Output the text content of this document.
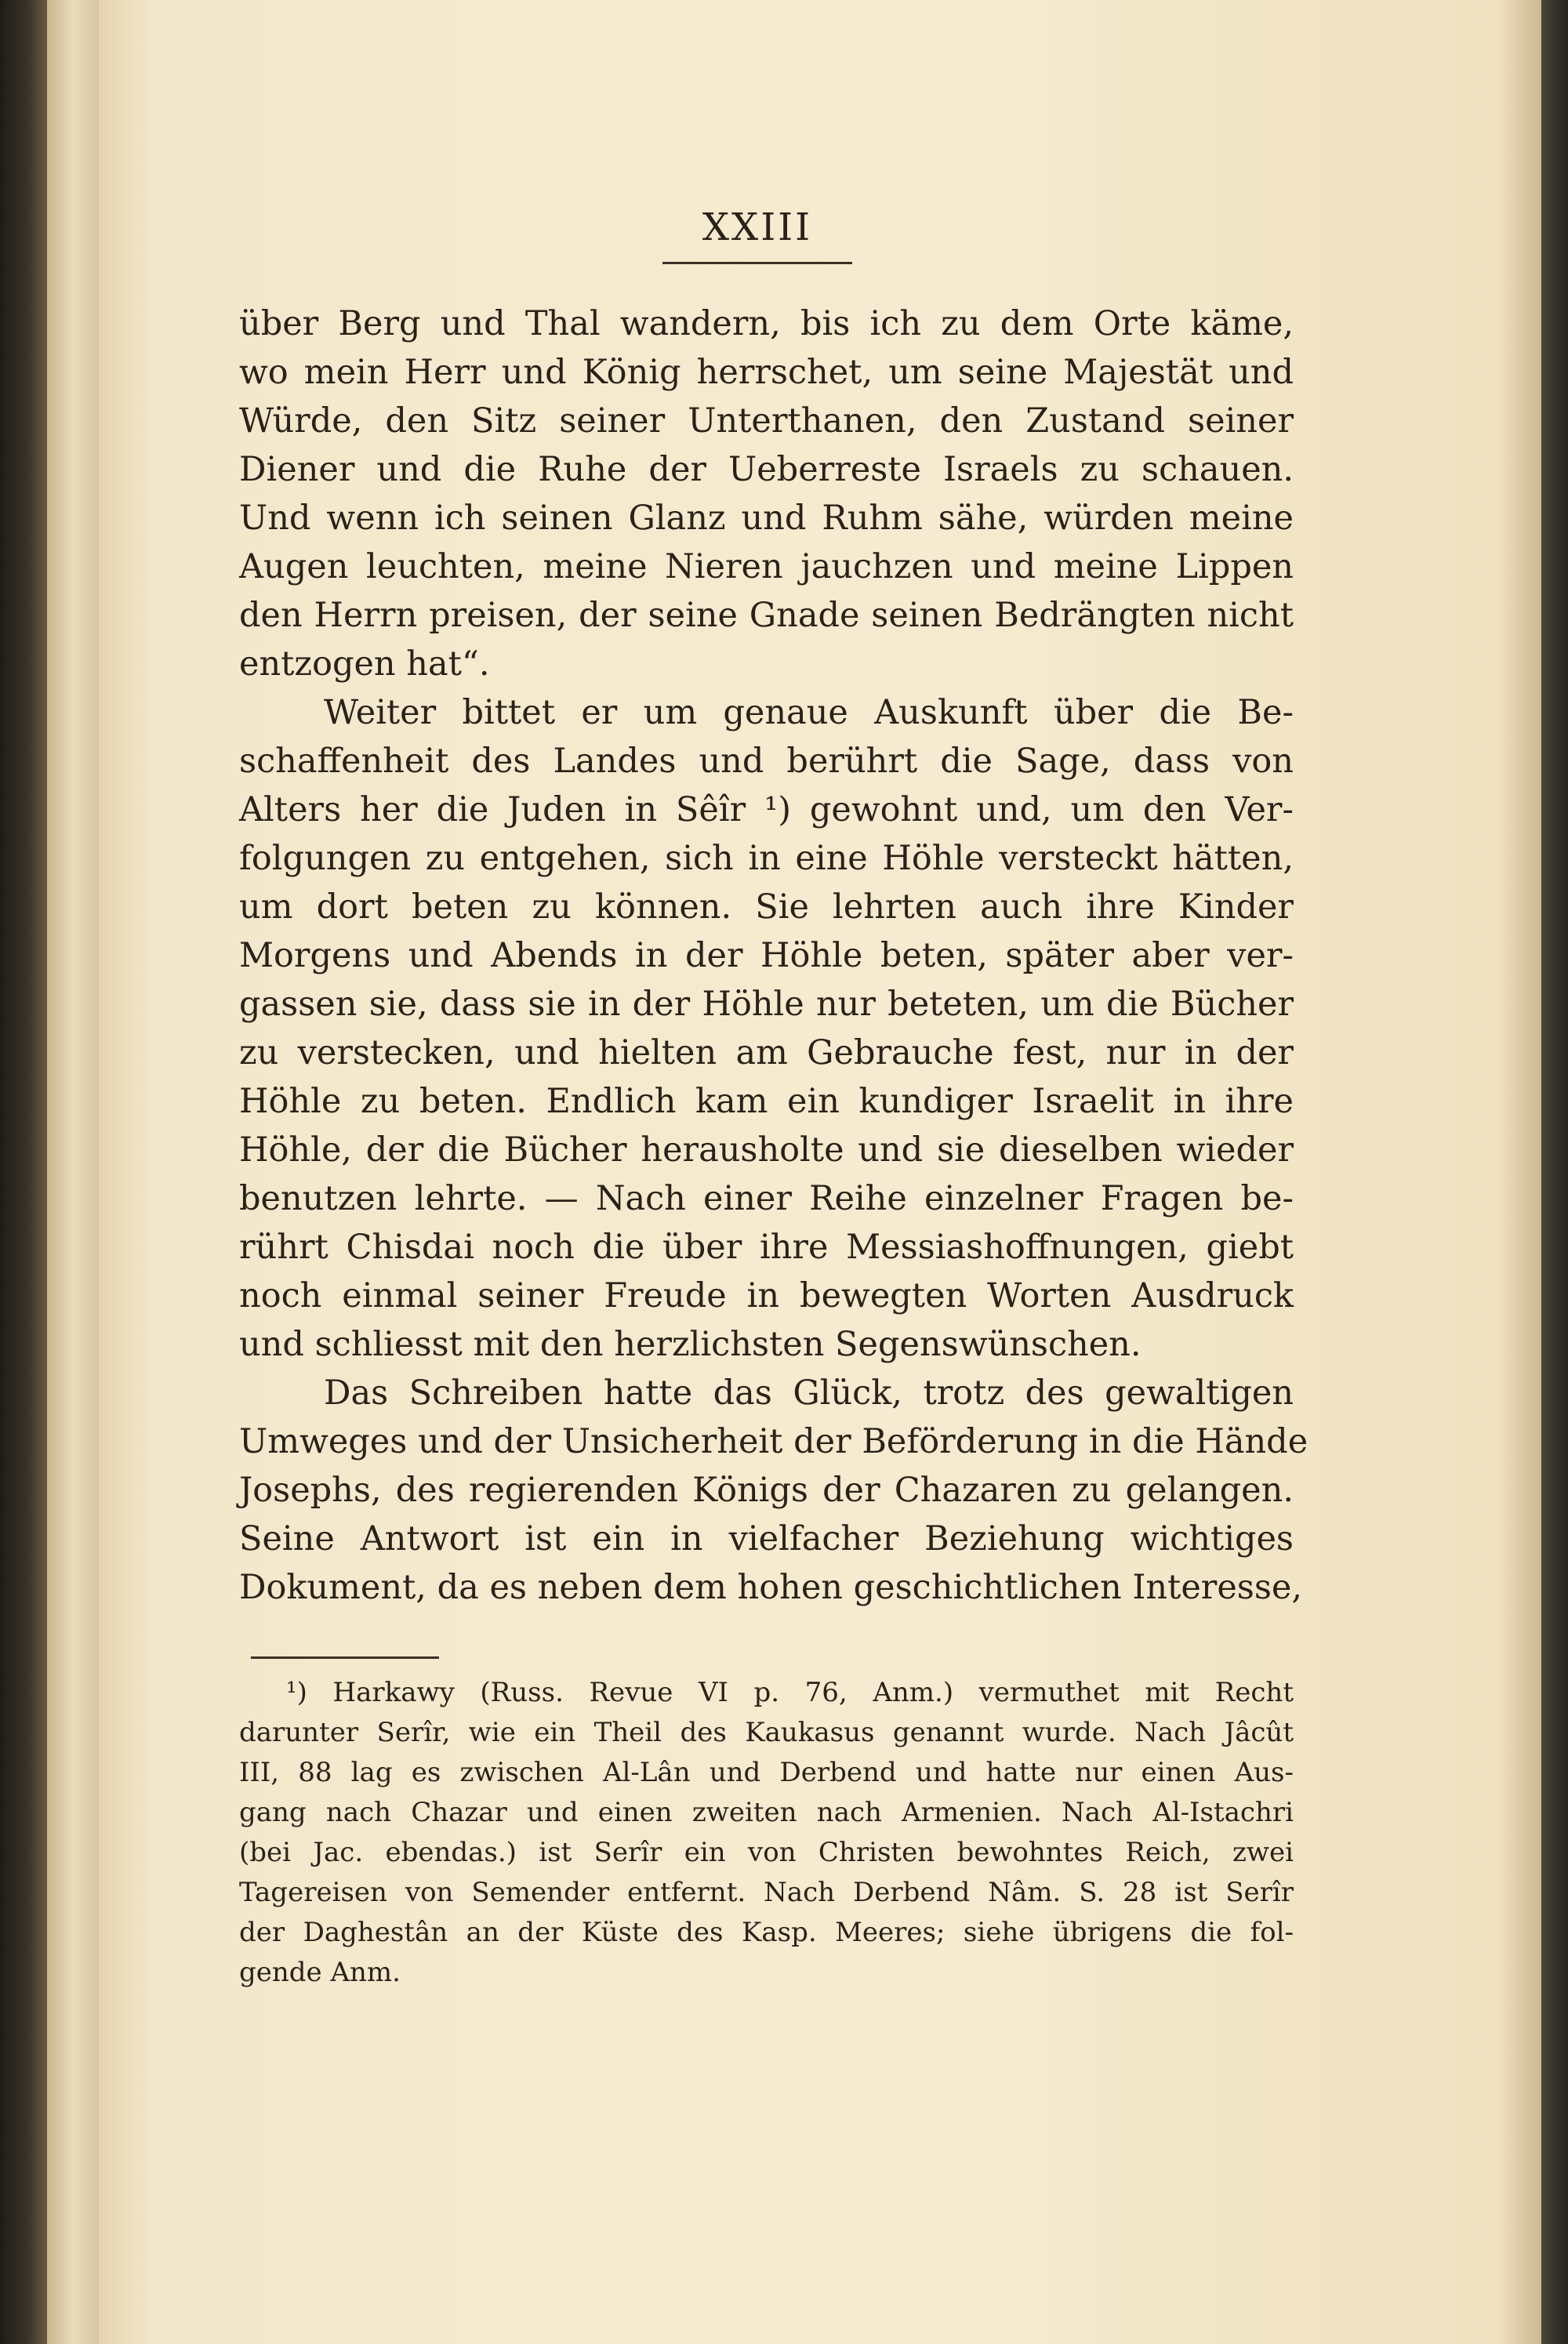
XXIII
über Berg und Thal wandern, bis ich zu dem Orte käme,
wo mein Herr und König herrschet, um seine Majestät und
Würde, den Sitz seiner Unterthanen, den Zustand seiner
Diener und die Ruhe der Ueberreste Israels zu schauen.
Und wenn ich seinen Glanz und Ruhm sähe, würden meine
Augen leuchten, meine Nieren jauchzen und meine Lippen
den Herrn preisen, der seine Gnade seinen Bedrängten nicht
entzogen hat“.
Weiter bittet er um genaue Auskunft über die Be-
schaffenheit des Landes und berührt die Sage, dass von
Alters her die Juden in Sêîr ¹) gewohnt und, um den Ver-
folgungen zu entgehen, sich in eine Höhle versteckt hätten,
um dort beten zu können. Sie lehrten auch ihre Kinder
Morgens und Abends in der Höhle beten, später aber ver-
gassen sie, dass sie in der Höhle nur beteten, um die Bücher
zu verstecken, und hielten am Gebrauche fest, nur in der
Höhle zu beten. Endlich kam ein kundiger Israelit in ihre
Höhle, der die Bücher herausholte und sie dieselben wieder
benutzen lehrte. — Nach einer Reihe einzelner Fragen be-
rührt Chisdai noch die über ihre Messiashoffnungen, giebt
noch einmal seiner Freude in bewegten Worten Ausdruck
und schliesst mit den herzlichsten Segenswünschen.
Das Schreiben hatte das Glück, trotz des gewaltigen
Umweges und der Unsicherheit der Beförderung in die Hände
Josephs, des regierenden Königs der Chazaren zu gelangen.
Seine Antwort ist ein in vielfacher Beziehung wichtiges
Dokument, da es neben dem hohen geschichtlichen Interesse,
¹) Harkawy (Russ. Revue VI p. 76, Anm.) vermuthet mit Recht
darunter Serîr, wie ein Theil des Kaukasus genannt wurde. Nach Jâcût
III, 88 lag es zwischen Al-Lân und Derbend und hatte nur einen Aus-
gang nach Chazar und einen zweiten nach Armenien. Nach Al-Istachri
(bei Jac. ebendas.) ist Serîr ein von Christen bewohntes Reich, zwei
Tagereisen von Semender entfernt. Nach Derbend Nâm. S. 28 ist Serîr
der Daghestân an der Küste des Kasp. Meeres; siehe übrigens die fol-
gende Anm.
